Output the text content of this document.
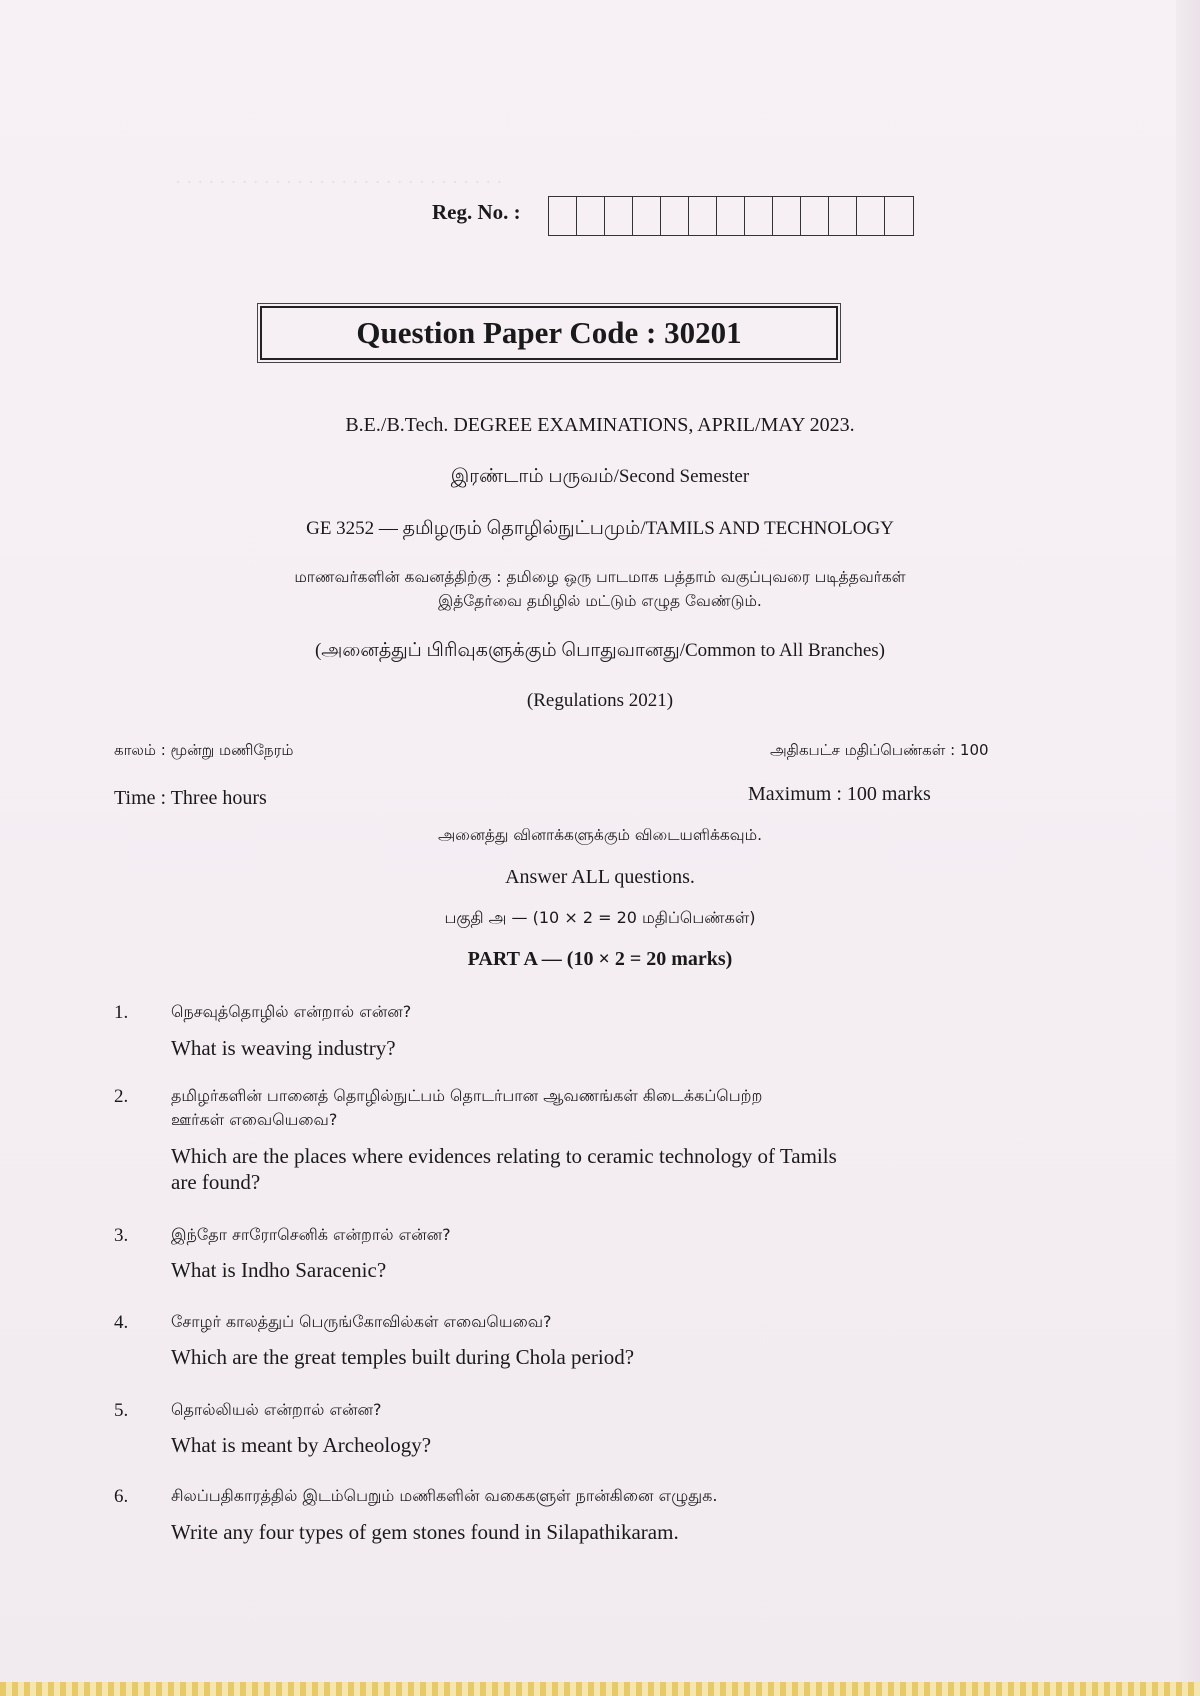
· · · · · · · · · · · · · · · · · · · · · · · · · · · · · ·
Reg. No. :
Question Paper Code : 30201
B.E./B.Tech. DEGREE EXAMINATIONS, APRIL/MAY 2023.
இரண்டாம் பருவம்/Second Semester
GE 3252 — தமிழரும் தொழில்நுட்பமும்/TAMILS AND TECHNOLOGY
மாணவர்களின் கவனத்திற்கு : தமிழை ஒரு பாடமாக பத்தாம் வகுப்புவரை படித்தவர்கள்
இத்தேர்வை தமிழில் மட்டும் எழுத வேண்டும்.
(அனைத்துப் பிரிவுகளுக்கும் பொதுவானது/Common to All Branches)
(Regulations 2021)
காலம் : மூன்று மணிநேரம்	அதிகபட்ச மதிப்பெண்கள் : 100
Time : Three hours	Maximum : 100 marks
அனைத்து வினாக்களுக்கும் விடையளிக்கவும்.
Answer ALL questions.
பகுதி அ — (10 × 2 = 20 மதிப்பெண்கள்)
PART A — (10 × 2 = 20 marks)
1.	நெசவுத்தொழில் என்றால் என்ன?
What is weaving industry?
2.	தமிழர்களின் பானைத் தொழில்நுட்பம் தொடர்பான ஆவணங்கள் கிடைக்கப்பெற்ற
ஊர்கள் எவையெவை?
Which are the places where evidences relating to ceramic technology of Tamils
are found?
3.	இந்தோ சாரோசெனிக் என்றால் என்ன?
What is Indho Saracenic?
4.	சோழர் காலத்துப் பெருங்கோவில்கள் எவையெவை?
Which are the great temples built during Chola period?
5.	தொல்லியல் என்றால் என்ன?
What is meant by Archeology?
6.	சிலப்பதிகாரத்தில் இடம்பெறும் மணிகளின் வகைகளுள் நான்கினை எழுதுக.
Write any four types of gem stones found in Silapathikaram.
